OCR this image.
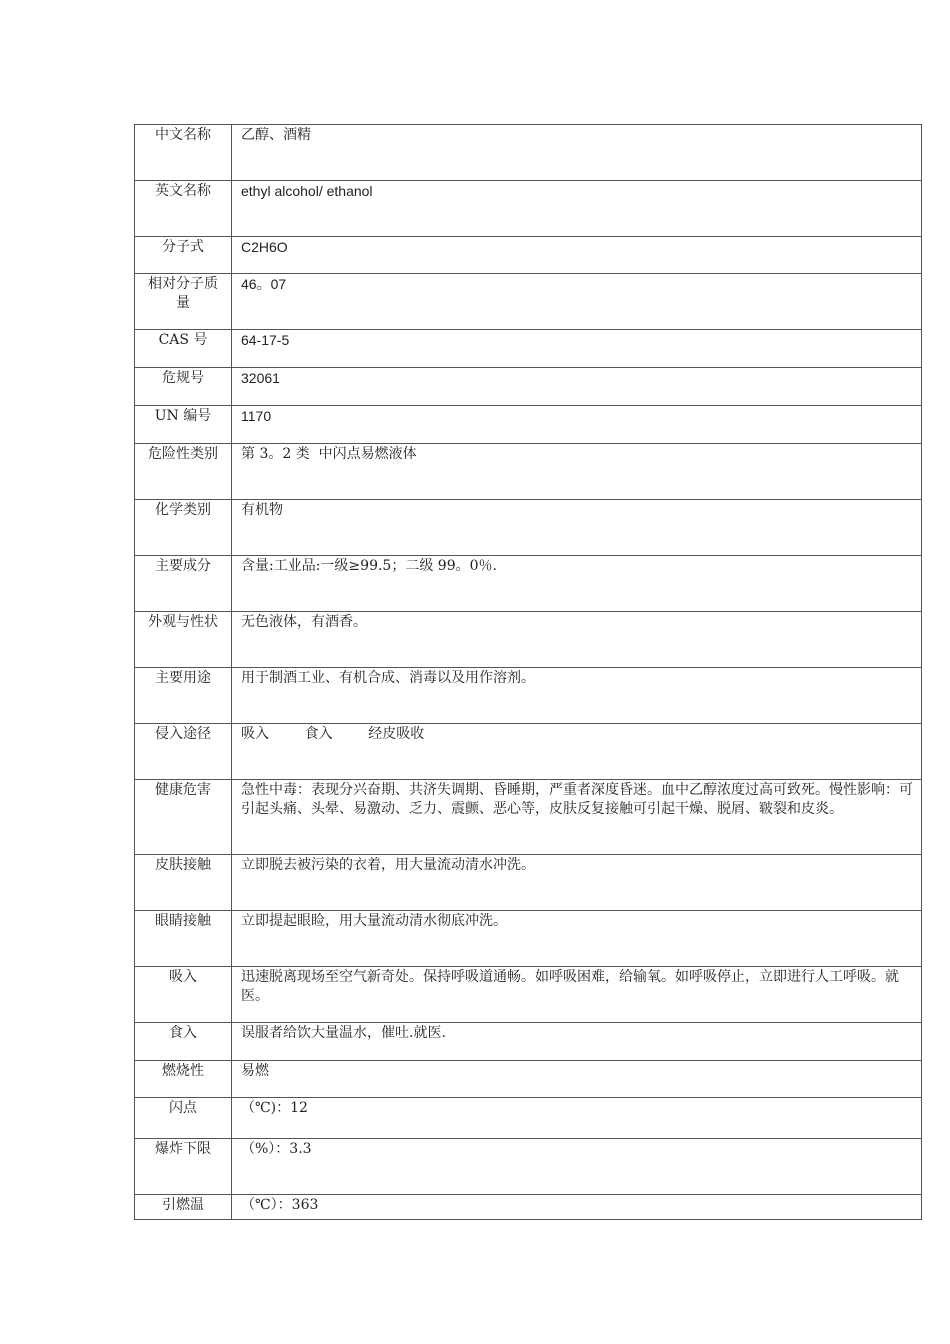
中文名称	乙醇、酒精
英文名称	ethyl alcohol/ ethanol
分子式	C2H6O
相对分子质量	46。07
CAS 号	64-17-5
危规号	32061
UN 编号	1170
危险性类别	第 3。2 类  中闪点易燃液体
化学类别	有机物
主要成分	含量:工业品:一级≥99.5；二级 99。0％.
外观与性状	无色液体，有酒香。
主要用途	用于制酒工业、有机合成、消毒以及用作溶剂。
侵入途径	吸入        食入        经皮吸收
健康危害	急性中毒：表现分兴奋期、共济失调期、昏睡期，严重者深度昏迷。血中乙醇浓度过高可致死。慢性影响：可引起头痛、头晕、易激动、乏力、震颤、恶心等，皮肤反复接触可引起干燥、脱屑、皲裂和皮炎。
皮肤接触	立即脱去被污染的衣着，用大量流动清水冲洗。
眼睛接触	立即提起眼睑，用大量流动清水彻底冲洗。
吸入	迅速脱离现场至空气新奇处。保持呼吸道通畅。如呼吸困难，给输氧。如呼吸停止，立即进行人工呼吸。就医。
食入	误服者给饮大量温水，催吐.就医.
燃烧性	易燃
闪点	（℃)：12
爆炸下限	（%）：3.3
引燃温	（℃）：363
